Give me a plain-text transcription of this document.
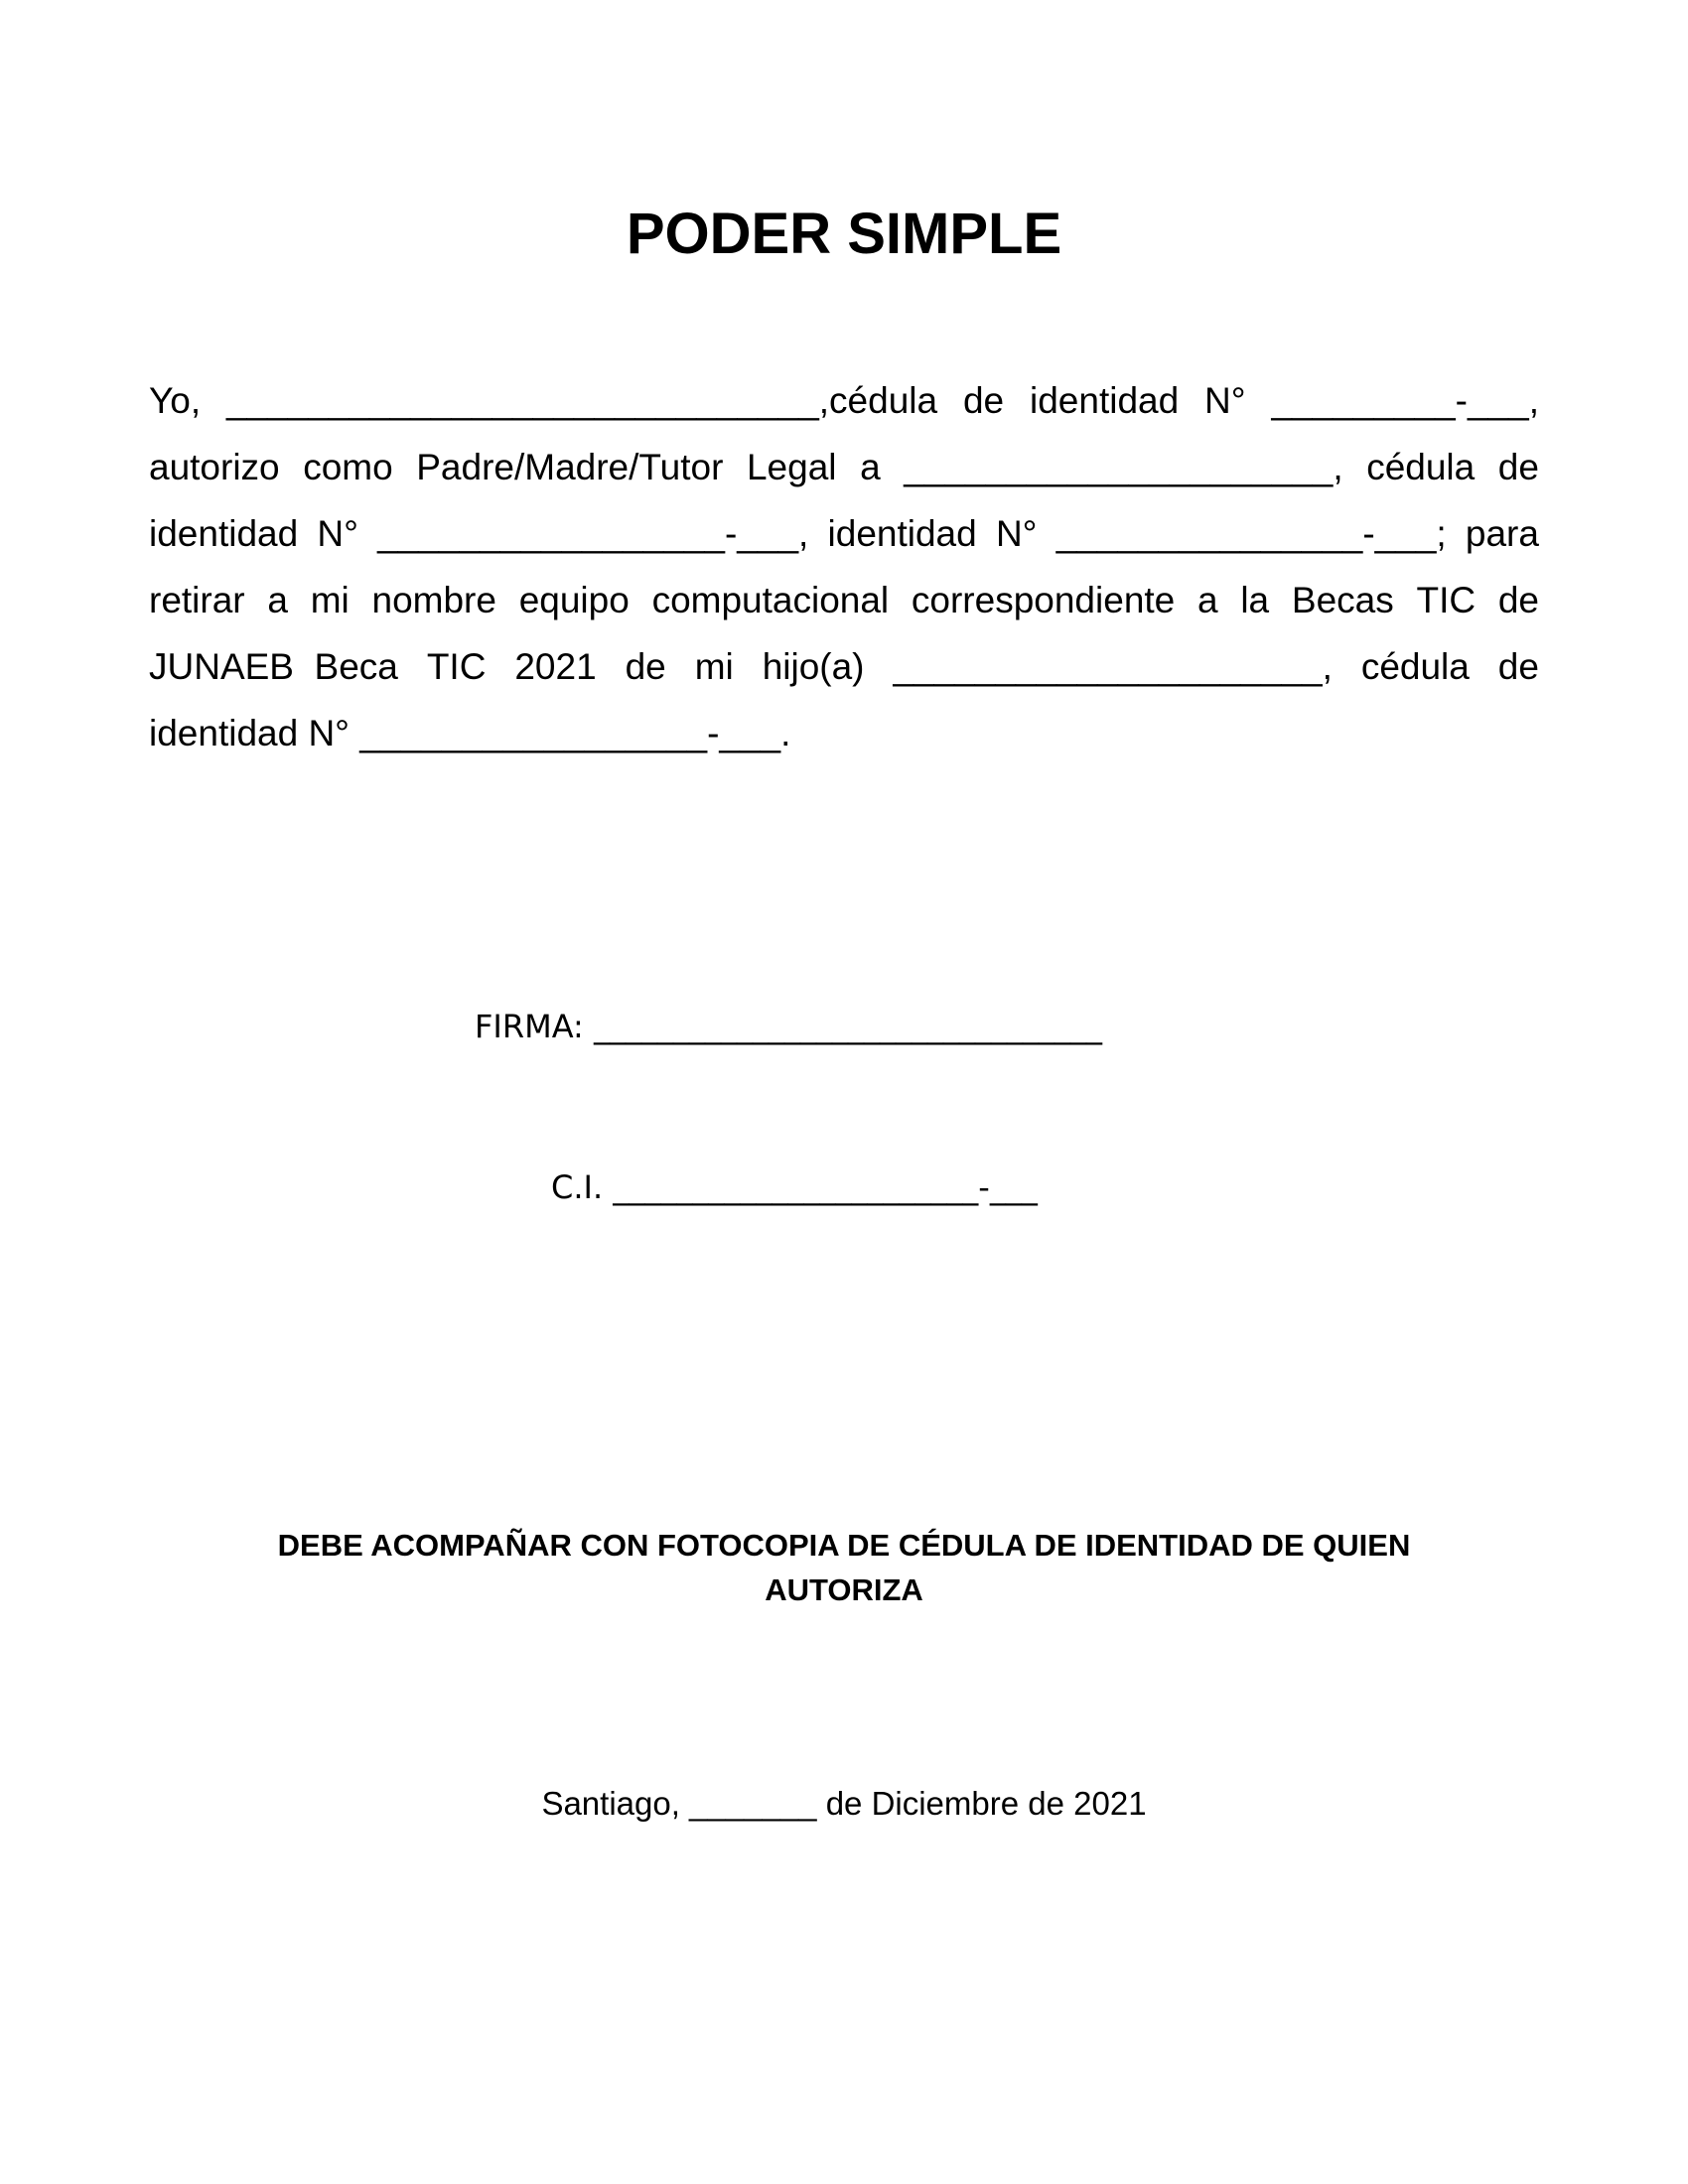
PODER SIMPLE
Yo, _____________________________,cédula de identidad N° _________-___,
autorizo como Padre/Madre/Tutor Legal a _____________________, cédula de
identidad N° _________________-___, identidad N° _______________-___; para
retirar a mi nombre equipo computacional correspondiente a la Becas TIC de
JUNAEB  Beca TIC 2021 de mi hijo(a) _____________________, cédula de
identidad N° _________________-___.

FIRMA: ________________________________

C.I. _______________________-___

DEBE ACOMPAÑAR CON FOTOCOPIA DE CÉDULA DE IDENTIDAD DE QUIEN
AUTORIZA

Santiago, _______ de Diciembre de 2021
